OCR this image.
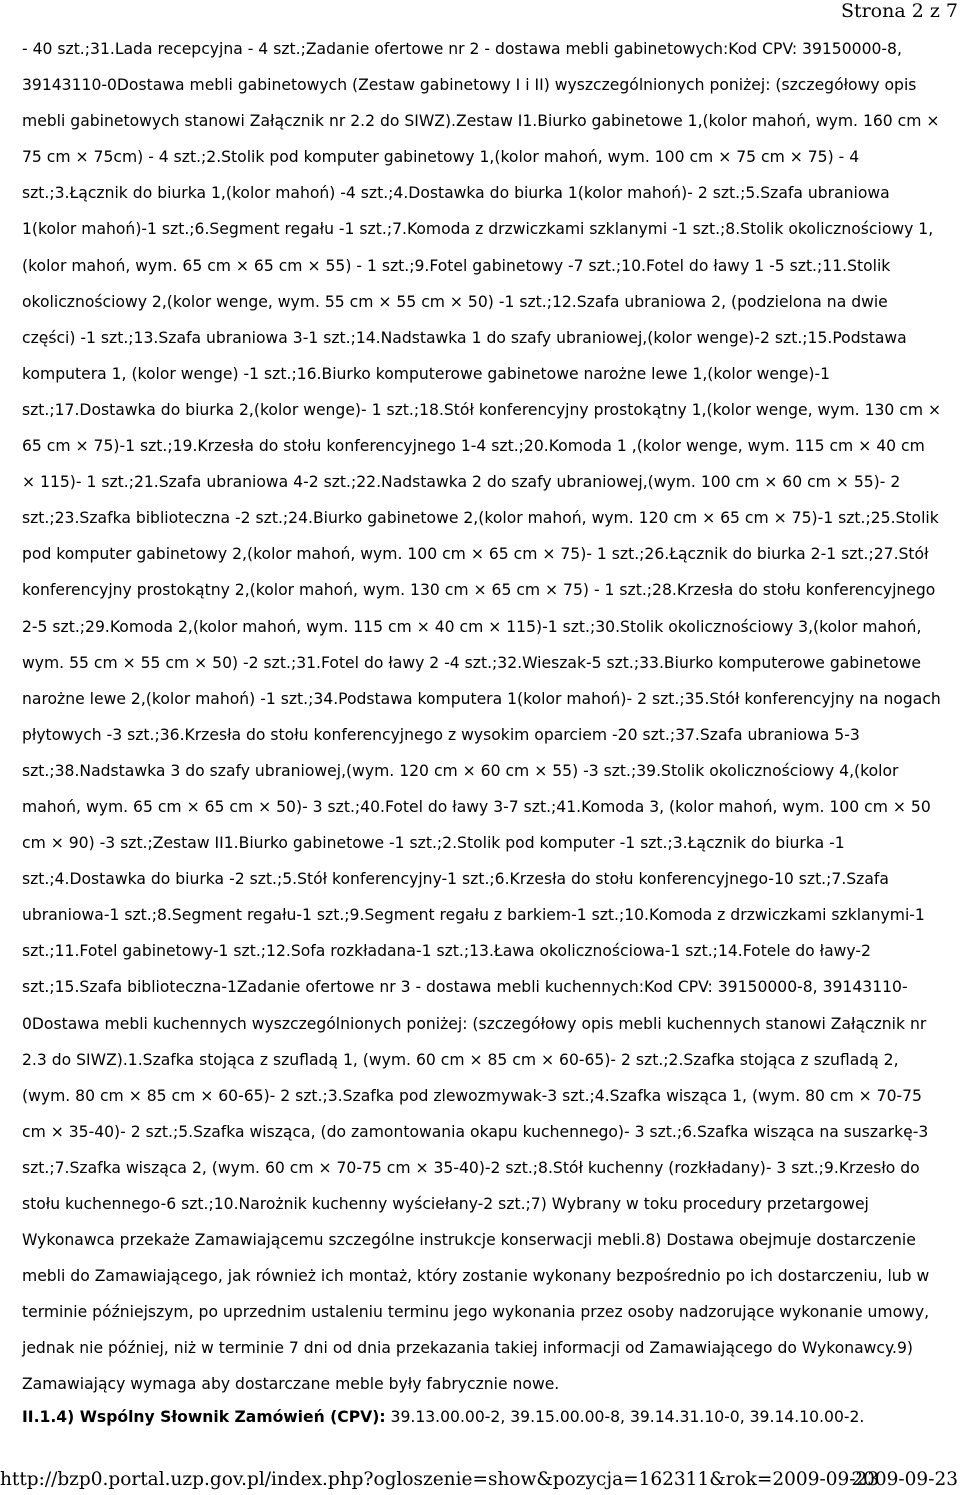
Strona 2 z 7

- 40 szt.;31.Lada recepcyjna - 4 szt.;Zadanie ofertowe nr 2 - dostawa mebli gabinetowych:Kod CPV: 39150000-8, 39143110-0Dostawa mebli gabinetowych (Zestaw gabinetowy I i II) wyszczególnionych poniżej: (szczegółowy opis mebli gabinetowych stanowi Załącznik nr 2.2 do SIWZ).Zestaw I1.Biurko gabinetowe 1,(kolor mahoń, wym. 160 cm × 75 cm × 75cm) - 4 szt.;2.Stolik pod komputer gabinetowy 1,(kolor mahoń, wym. 100 cm × 75 cm × 75) - 4 szt.;3.Łącznik do biurka 1,(kolor mahoń) -4 szt.;4.Dostawka do biurka 1(kolor mahoń)- 2 szt.;5.Szafa ubraniowa 1(kolor mahoń)-1 szt.;6.Segment regału -1 szt.;7.Komoda z drzwiczkami szklanymi -1 szt.;8.Stolik okolicznościowy 1, (kolor mahoń, wym. 65 cm × 65 cm × 55) - 1 szt.;9.Fotel gabinetowy -7 szt.;10.Fotel do ławy 1 -5 szt.;11.Stolik okolicznościowy 2,(kolor wenge, wym. 55 cm × 55 cm × 50) -1 szt.;12.Szafa ubraniowa 2, (podzielona na dwie części) -1 szt.;13.Szafa ubraniowa 3-1 szt.;14.Nadstawka 1 do szafy ubraniowej,(kolor wenge)-2 szt.;15.Podstawa komputera 1, (kolor wenge) -1 szt.;16.Biurko komputerowe gabinetowe narożne lewe 1,(kolor wenge)-1 szt.;17.Dostawka do biurka 2,(kolor wenge)- 1 szt.;18.Stół konferencyjny prostokątny 1,(kolor wenge, wym. 130 cm × 65 cm × 75)-1 szt.;19.Krzesła do stołu konferencyjnego 1-4 szt.;20.Komoda 1 ,(kolor wenge, wym. 115 cm × 40 cm × 115)- 1 szt.;21.Szafa ubraniowa 4-2 szt.;22.Nadstawka 2 do szafy ubraniowej,(wym. 100 cm × 60 cm × 55)- 2 szt.;23.Szafka biblioteczna -2 szt.;24.Biurko gabinetowe 2,(kolor mahoń, wym. 120 cm × 65 cm × 75)-1 szt.;25.Stolik pod komputer gabinetowy 2,(kolor mahoń, wym. 100 cm × 65 cm × 75)- 1 szt.;26.Łącznik do biurka 2-1 szt.;27.Stół konferencyjny prostokątny 2,(kolor mahoń, wym. 130 cm × 65 cm × 75) - 1 szt.;28.Krzesła do stołu konferencyjnego 2-5 szt.;29.Komoda 2,(kolor mahoń, wym. 115 cm × 40 cm × 115)-1 szt.;30.Stolik okolicznościowy 3,(kolor mahoń, wym. 55 cm × 55 cm × 50) -2 szt.;31.Fotel do ławy 2 -4 szt.;32.Wieszak-5 szt.;33.Biurko komputerowe gabinetowe narożne lewe 2,(kolor mahoń) -1 szt.;34.Podstawa komputera 1(kolor mahoń)- 2 szt.;35.Stół konferencyjny na nogach płytowych -3 szt.;36.Krzesła do stołu konferencyjnego z wysokim oparciem -20 szt.;37.Szafa ubraniowa 5-3 szt.;38.Nadstawka 3 do szafy ubraniowej,(wym. 120 cm × 60 cm × 55) -3 szt.;39.Stolik okolicznościowy 4,(kolor mahoń, wym. 65 cm × 65 cm × 50)- 3 szt.;40.Fotel do ławy 3-7 szt.;41.Komoda 3, (kolor mahoń, wym. 100 cm × 50 cm × 90) -3 szt.;Zestaw II1.Biurko gabinetowe -1 szt.;2.Stolik pod komputer -1 szt.;3.Łącznik do biurka -1 szt.;4.Dostawka do biurka -2 szt.;5.Stół konferencyjny-1 szt.;6.Krzesła do stołu konferencyjnego-10 szt.;7.Szafa ubraniowa-1 szt.;8.Segment regału-1 szt.;9.Segment regału z barkiem-1 szt.;10.Komoda z drzwiczkami szklanymi-1 szt.;11.Fotel gabinetowy-1 szt.;12.Sofa rozkładana-1 szt.;13.Ława okolicznościowa-1 szt.;14.Fotele do ławy-2 szt.;15.Szafa biblioteczna-1Zadanie ofertowe nr 3 - dostawa mebli kuchennych:Kod CPV: 39150000-8, 39143110-0Dostawa mebli kuchennych wyszczególnionych poniżej: (szczegółowy opis mebli kuchennych stanowi Załącznik nr 2.3 do SIWZ).1.Szafka stojąca z szufladą 1, (wym. 60 cm × 85 cm × 60-65)- 2 szt.;2.Szafka stojąca z szufladą 2,(wym. 80 cm × 85 cm × 60-65)- 2 szt.;3.Szafka pod zlewozmywak-3 szt.;4.Szafka wisząca 1, (wym. 80 cm × 70-75 cm × 35-40)- 2 szt.;5.Szafka wisząca, (do zamontowania okapu kuchennego)- 3 szt.;6.Szafka wisząca na suszarkę-3 szt.;7.Szafka wisząca 2, (wym. 60 cm × 70-75 cm × 35-40)-2 szt.;8.Stół kuchenny (rozkładany)- 3 szt.;9.Krzesło do stołu kuchennego-6 szt.;10.Narożnik kuchenny wyściełany-2 szt.;7) Wybrany w toku procedury przetargowej Wykonawca przekaże Zamawiającemu szczególne instrukcje konserwacji mebli.8) Dostawa obejmuje dostarczenie mebli do Zamawiającego, jak również ich montaż, który zostanie wykonany bezpośrednio po ich dostarczeniu, lub w terminie późniejszym, po uprzednim ustaleniu terminu jego wykonania przez osoby nadzorujące wykonanie umowy, jednak nie później, niż w terminie 7 dni od dnia przekazania takiej informacji od Zamawiającego do Wykonawcy.9) Zamawiający wymaga aby dostarczane meble były fabrycznie nowe.

II.1.4) Wspólny Słownik Zamówień (CPV): 39.13.00.00-2, 39.15.00.00-8, 39.14.31.10-0, 39.14.10.00-2.

http://bzp0.portal.uzp.gov.pl/index.php?ogloszenie=show&pozycja=162311&rok=2009-09-23
2009-09-23
